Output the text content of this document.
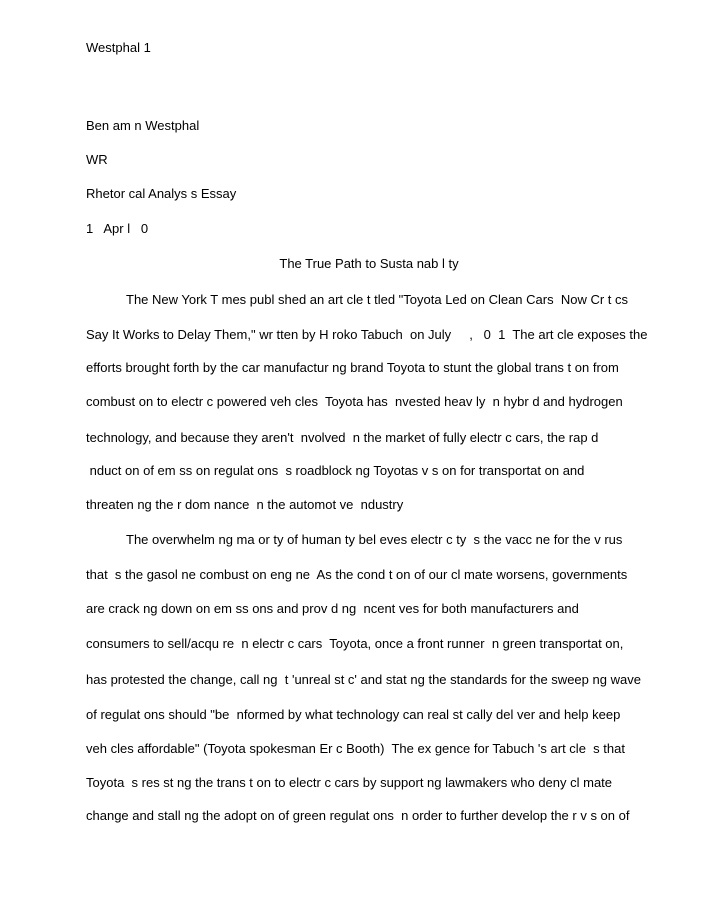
Westphal 1
Ben am n Westphal
WR
Rhetor cal Analys s Essay
1   Apr l   0
The True Path to Susta nab l ty
The New York T mes publ shed an art cle t tled "Toyota Led on Clean Cars  Now Cr t cs
Say It Works to Delay Them," wr tten by H roko Tabuch  on July     ,   0  1  The art cle exposes the
efforts brought forth by the car manufactur ng brand Toyota to stunt the global trans t on from
combust on to electr c powered veh cles  Toyota has  nvested heav ly  n hybr d and hydrogen
technology, and because they aren't  nvolved  n the market of fully electr c cars, the rap d
nduct on of em ss on regulat ons  s roadblock ng Toyotas v s on for transportat on and
threaten ng the r dom nance  n the automot ve  ndustry
The overwhelm ng ma or ty of human ty bel eves electr c ty  s the vacc ne for the v rus
that  s the gasol ne combust on eng ne  As the cond t on of our cl mate worsens, governments
are crack ng down on em ss ons and prov d ng  ncent ves for both manufacturers and
consumers to sell/acqu re  n electr c cars  Toyota, once a front runner  n green transportat on,
has protested the change, call ng  t 'unreal st c' and stat ng the standards for the sweep ng wave
of regulat ons should "be  nformed by what technology can real st cally del ver and help keep
veh cles affordable" (Toyota spokesman Er c Booth)  The ex gence for Tabuch 's art cle  s that
Toyota  s res st ng the trans t on to electr c cars by support ng lawmakers who deny cl mate
change and stall ng the adopt on of green regulat ons  n order to further develop the r v s on of
